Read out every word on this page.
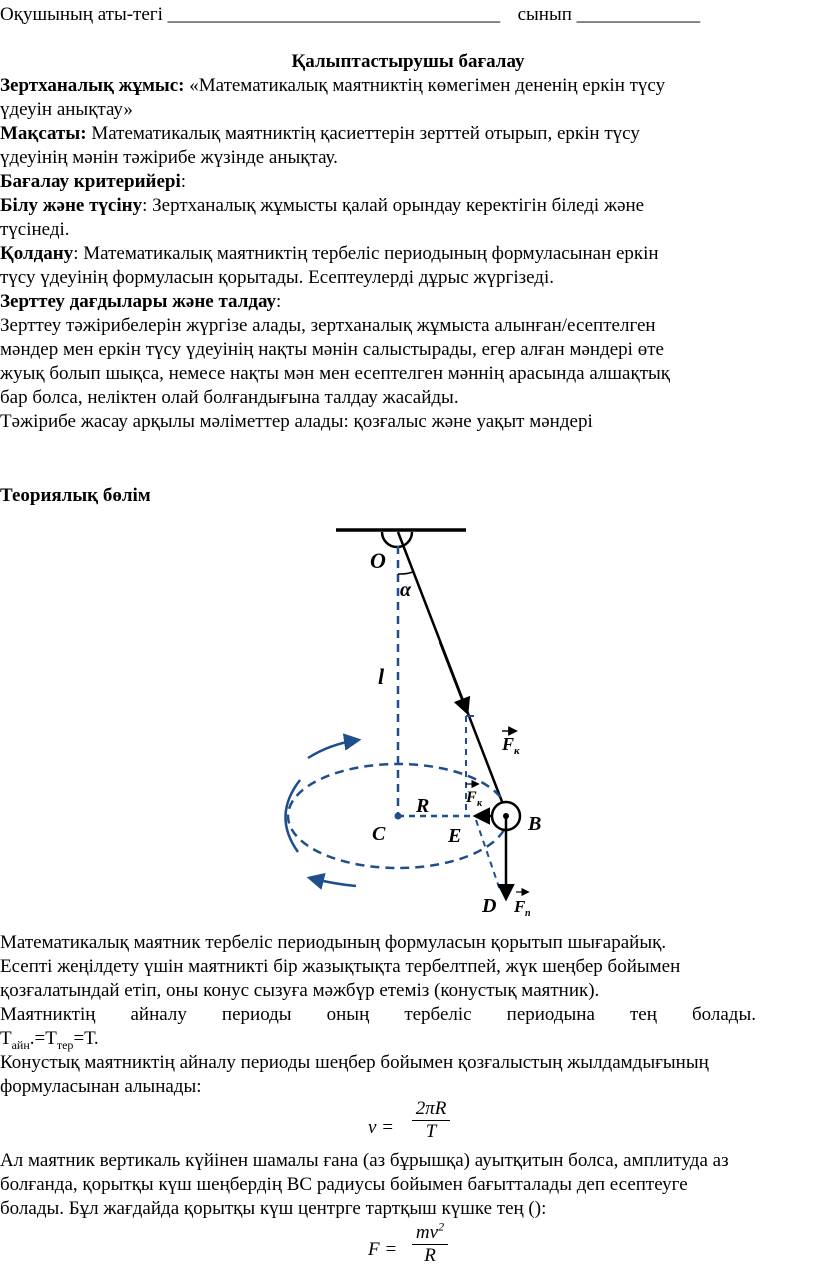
Оқушының аты-тегі ___________________________________ сынып _____________
Қалыптастырушы бағалау
Зертханалық жұмыс: «Математикалық маятниктің көмегімен дененің еркін түсу
үдеуін анықтау»
Мақсаты: Математикалық маятниктің қасиеттерін зерттей отырып, еркін түсу
үдеуінің мәнін тәжірибе жүзінде анықтау.
Бағалау критерийері:
Білу және түсіну: Зертханалық жұмысты қалай орындау керектігін біледі және
түсінеді.
Қолдану: Математикалық маятниктің тербеліс периодының формуласынан еркін
түсу үдеуінің формуласын қорытады. Есептеулерді дұрыс жүргізеді.
Зерттеу дағдылары және талдау:
Зерттеу тәжірибелерін жүргізе алады, зертханалық жұмыста алынған/есептелген
мәндер мен еркін түсу үдеуінің нақты мәнін салыстырады, егер алған мәндері өте
жуық болып шықса, немесе нақты мән мен есептелген мәннің арасында алшақтық
бар болса, неліктен олай болғандығына талдау жасайды.
Тәжірибе жасау арқылы мәліметтер алады: қозғалыс және уақыт мәндері
Теориялық бөлім
O
α
l
R
C	E
B
D
F к
F к
F п
Математикалық маятник тербеліс периодының формуласын қорытып шығарайық.
Есепті жеңілдету үшін маятникті бір жазықтықта тербелтпей, жүк шеңбер бойымен
қозғалатындай етіп, оны конус сызуға мәжбүр етеміз (конустық маятник).
Маятниктің айналу периоды оның тербеліс периодына тең болады.
$Т_{айн}.=Т_{тер}=Т$.
Конустық маятниктің айналу периоды шеңбер бойымен қозғалыстың жылдамдығының
формуласынан алынады:
$v = \frac{2\pi R}{T}$
Ал маятник вертикаль күйінен шамалы ғана (аз бұрышқа) ауытқитын болса, амплитуда аз
болғанда, қорытқы күш шеңбердің ВС радиусы бойымен бағытталады деп есептеуге
болады. Бұл жағдайда қорытқы күш центрге тартқыш күшке тең ():
$F = \frac{mv^2}{R}$
